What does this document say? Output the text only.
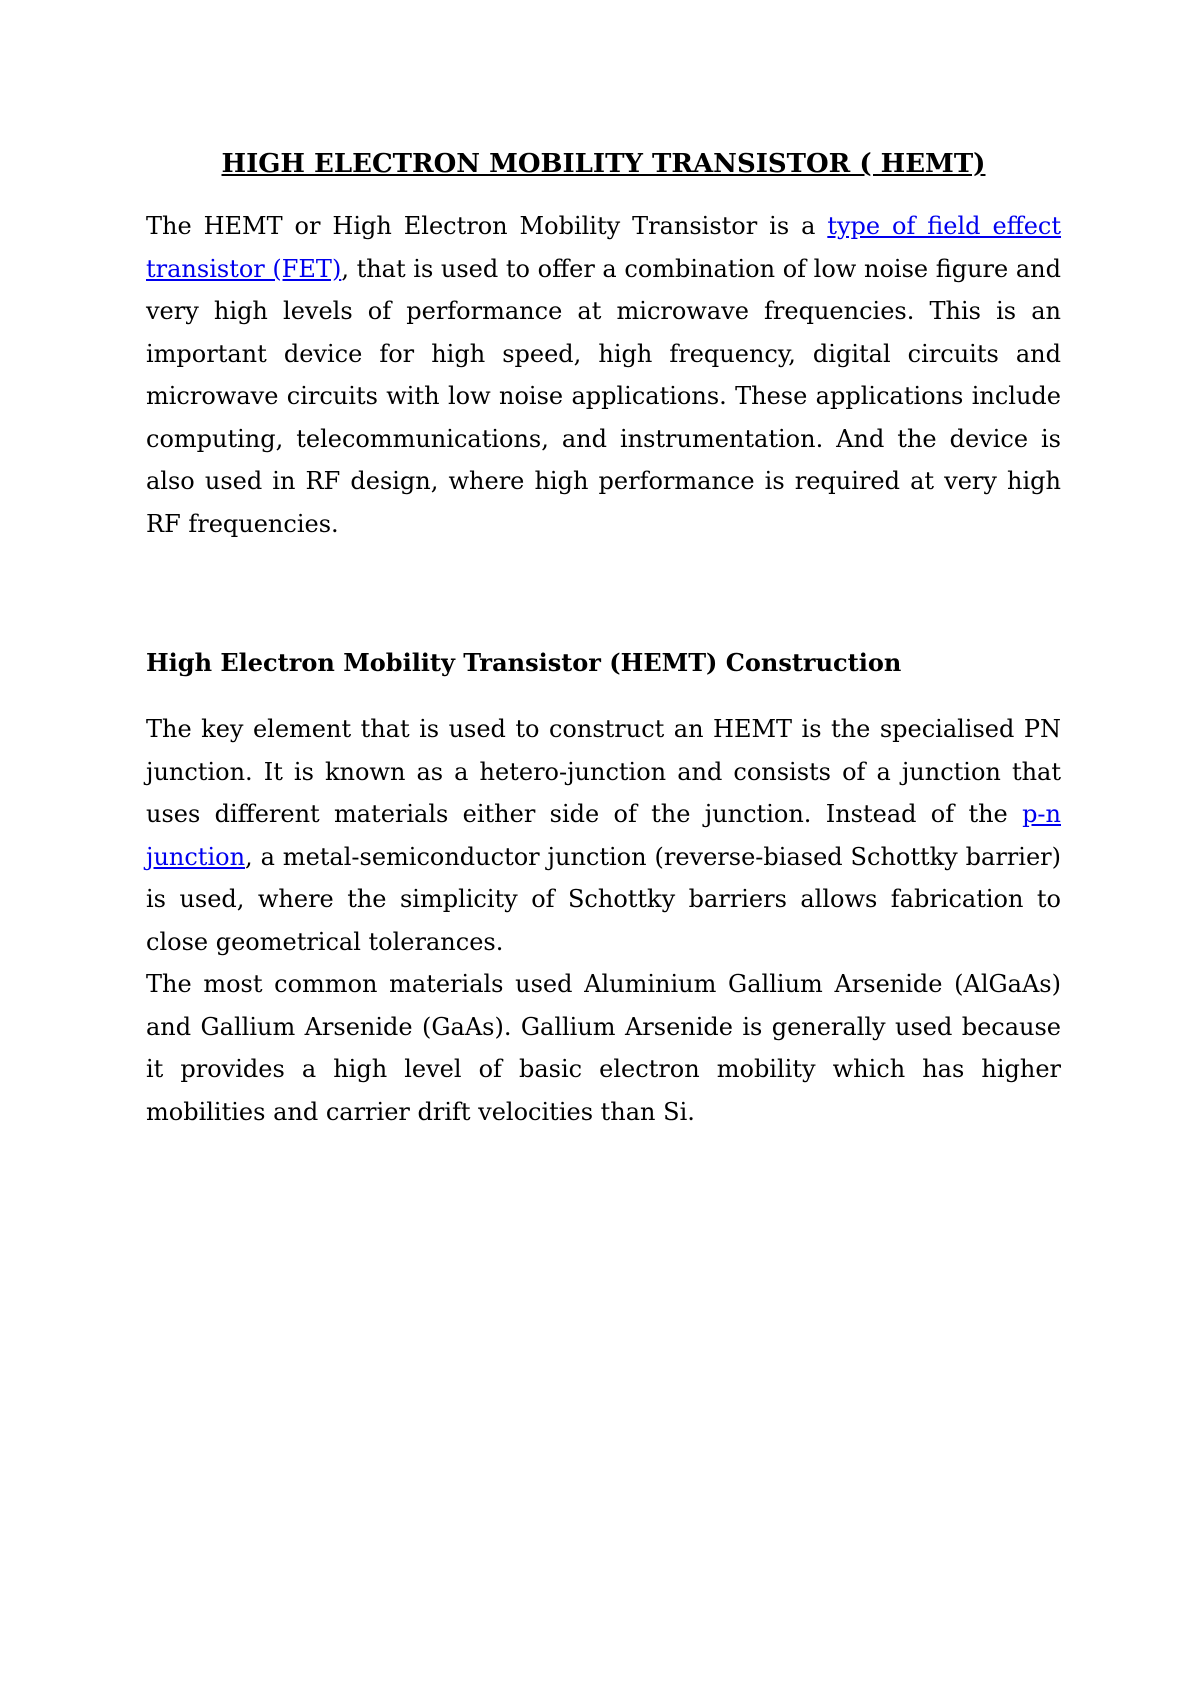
HIGH ELECTRON MOBILITY TRANSISTOR ( HEMT)

The HEMT or High Electron Mobility Transistor is a type of field effect transistor (FET), that is used to offer a combination of low noise figure and very high levels of performance at microwave frequencies. This is an important device for high speed, high frequency, digital circuits and microwave circuits with low noise applications. These applications include computing, telecommunications, and instrumentation. And the device is also used in RF design, where high performance is required at very high RF frequencies.

High Electron Mobility Transistor (HEMT) Construction

The key element that is used to construct an HEMT is the specialised PN junction. It is known as a hetero-junction and consists of a junction that uses different materials either side of the junction. Instead of the p-n junction, a metal-semiconductor junction (reverse-biased Schottky barrier) is used, where the simplicity of Schottky barriers allows fabrication to close geometrical tolerances.

The most common materials used Aluminium Gallium Arsenide (AlGaAs) and Gallium Arsenide (GaAs). Gallium Arsenide is generally used because it provides a high level of basic electron mobility which has higher mobilities and carrier drift velocities than Si.
